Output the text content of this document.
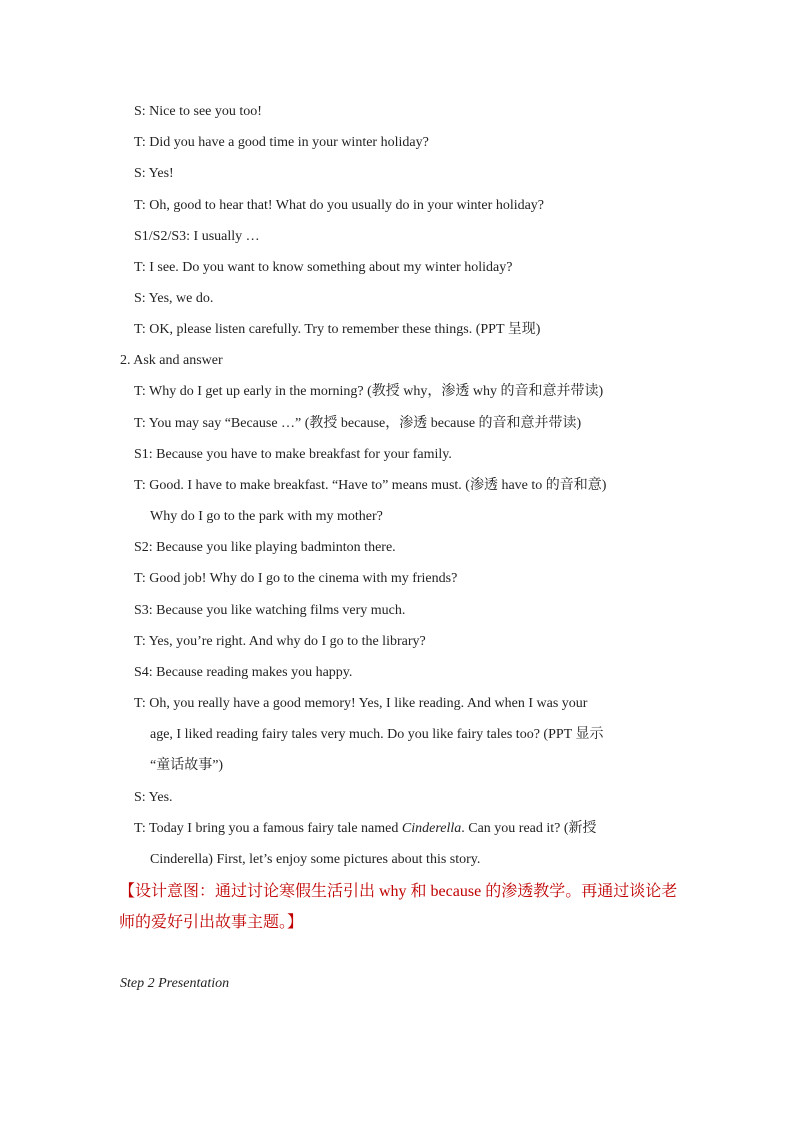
S: Nice to see you too!
T: Did you have a good time in your winter holiday?
S: Yes!
T: Oh, good to hear that! What do you usually do in your winter holiday?
S1/S2/S3: I usually …
T: I see. Do you want to know something about my winter holiday?
S: Yes, we do.
T: OK, please listen carefully. Try to remember these things. (PPT 呈现)
2. Ask and answer
T: Why do I get up early in the morning? (教授 why，渗透 why 的音和意并带读)
T: You may say “Because …” (教授 because，渗透 because 的音和意并带读)
S1: Because you have to make breakfast for your family.
T: Good. I have to make breakfast. “Have to” means must. (渗透 have to 的音和意)
Why do I go to the park with my mother?
S2: Because you like playing badminton there.
T: Good job! Why do I go to the cinema with my friends?
S3: Because you like watching films very much.
T: Yes, you’re right. And why do I go to the library?
S4: Because reading makes you happy.
T: Oh, you really have a good memory! Yes, I like reading. And when I was your
age, I liked reading fairy tales very much. Do you like fairy tales too? (PPT 显示
“童话故事”)
S: Yes.
T: Today I bring you a famous fairy tale named Cinderella. Can you read it? (新授
Cinderella) First, let’s enjoy some pictures about this story.
【设计意图：通过讨论寒假生活引出 why 和 because 的渗透教学。再通过谈论老
师的爱好引出故事主题。】
Step 2 Presentation
